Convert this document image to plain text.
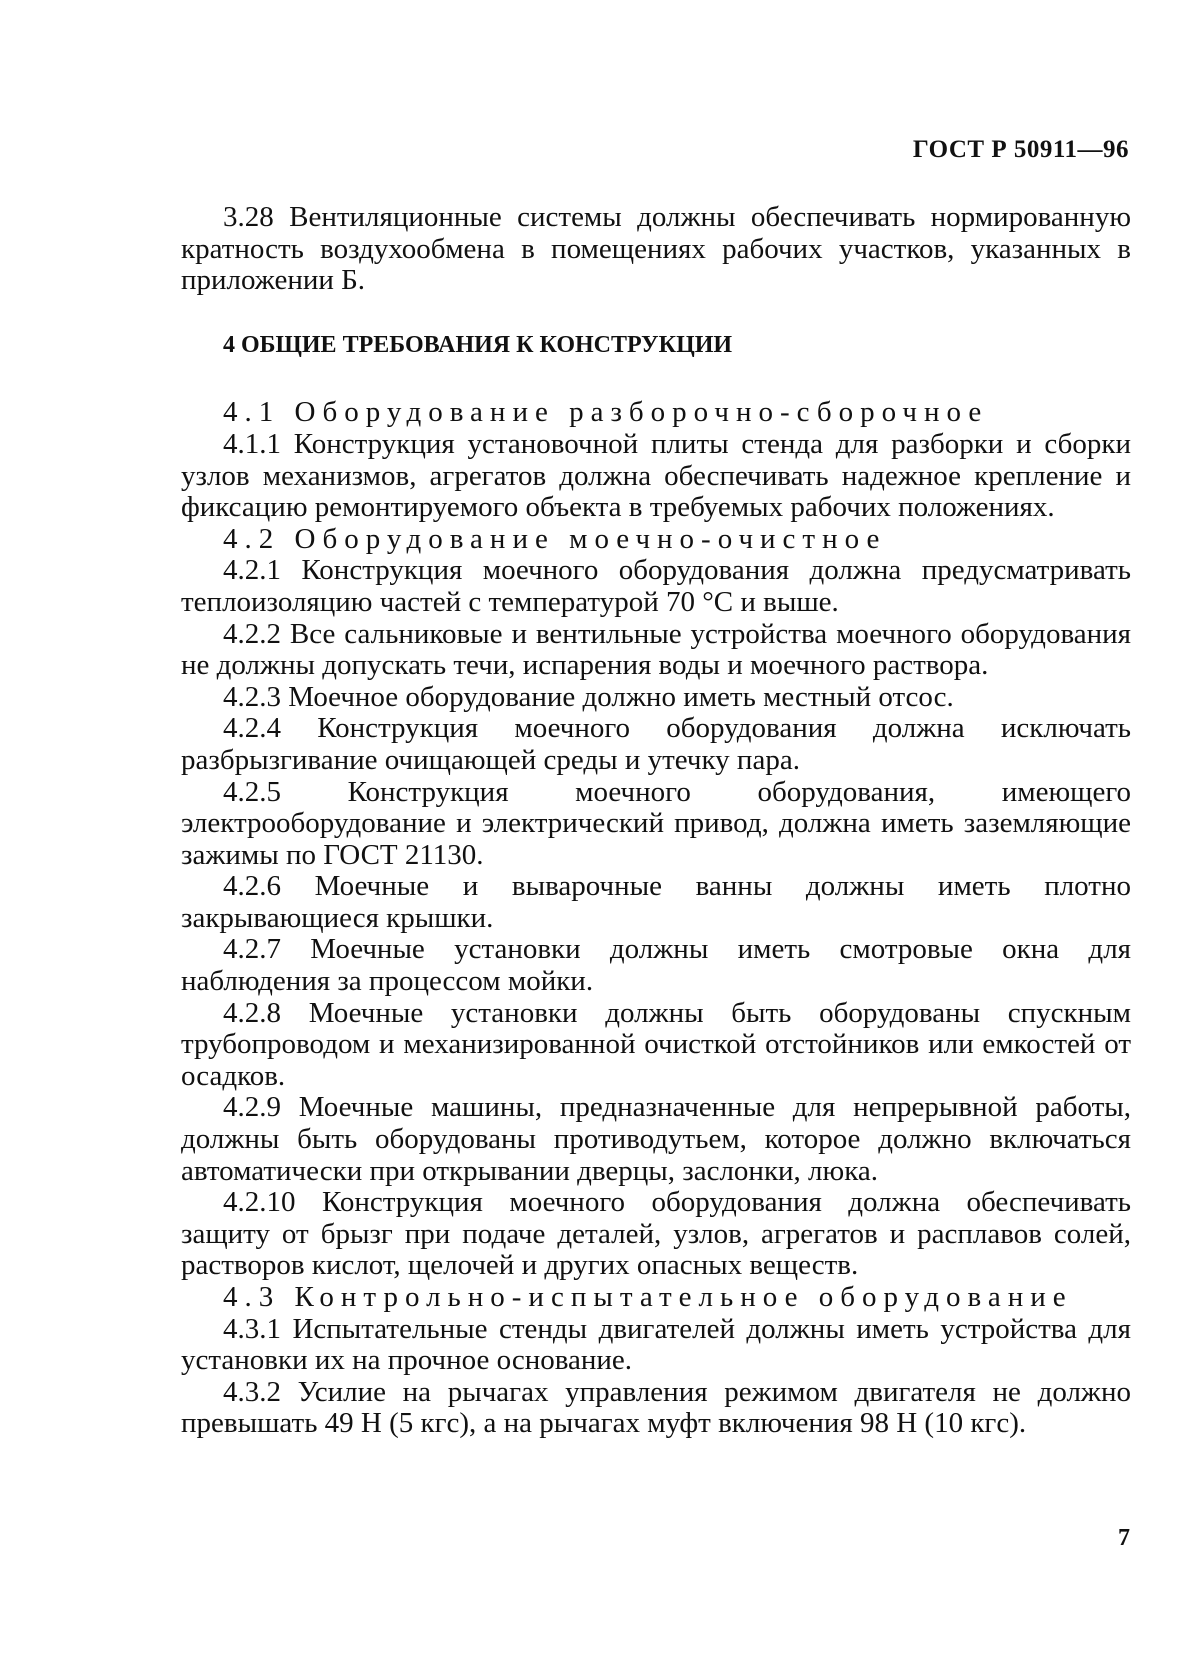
ГОСТ Р 50911—96

3.28 Вентиляционные системы должны обеспечивать нормированную кратность воздухообмена в помещениях рабочих участков, указанных в приложении Б.

4 ОБЩИЕ ТРЕБОВАНИЯ К КОНСТРУКЦИИ

4.1 Оборудование разборочно-сборочное

4.1.1 Конструкция установочной плиты стенда для разборки и сборки узлов механизмов, агрегатов должна обеспечивать надежное крепление и фиксацию ремонтируемого объекта в требуемых рабочих положениях.

4.2 Оборудование моечно-очистное

4.2.1 Конструкция моечного оборудования должна предусматривать теплоизоляцию частей с температурой 70 °С и выше.

4.2.2 Все сальниковые и вентильные устройства моечного оборудования не должны допускать течи, испарения воды и моечного раствора.

4.2.3 Моечное оборудование должно иметь местный отсос.

4.2.4 Конструкция моечного оборудования должна исключать разбрызгивание очищающей среды и утечку пара.

4.2.5 Конструкция моечного оборудования, имеющего электрооборудование и электрический привод, должна иметь заземляющие зажимы по ГОСТ 21130.

4.2.6 Моечные и выварочные ванны должны иметь плотно закрывающиеся крышки.

4.2.7 Моечные установки должны иметь смотровые окна для наблюдения за процессом мойки.

4.2.8 Моечные установки должны быть оборудованы спускным трубопроводом и механизированной очисткой отстойников или емкостей от осадков.

4.2.9 Моечные машины, предназначенные для непрерывной работы, должны быть оборудованы противодутьем, которое должно включаться автоматически при открывании дверцы, заслонки, люка.

4.2.10 Конструкция моечного оборудования должна обеспечивать защиту от брызг при подаче деталей, узлов, агрегатов и расплавов солей, растворов кислот, щелочей и других опасных веществ.

4.3 Контрольно-испытательное оборудование

4.3.1 Испытательные стенды двигателей должны иметь устройства для установки их на прочное основание.

4.3.2 Усилие на рычагах управления режимом двигателя не должно превышать 49 Н (5 кгс), а на рычагах муфт включения 98 Н (10 кгс).

7
